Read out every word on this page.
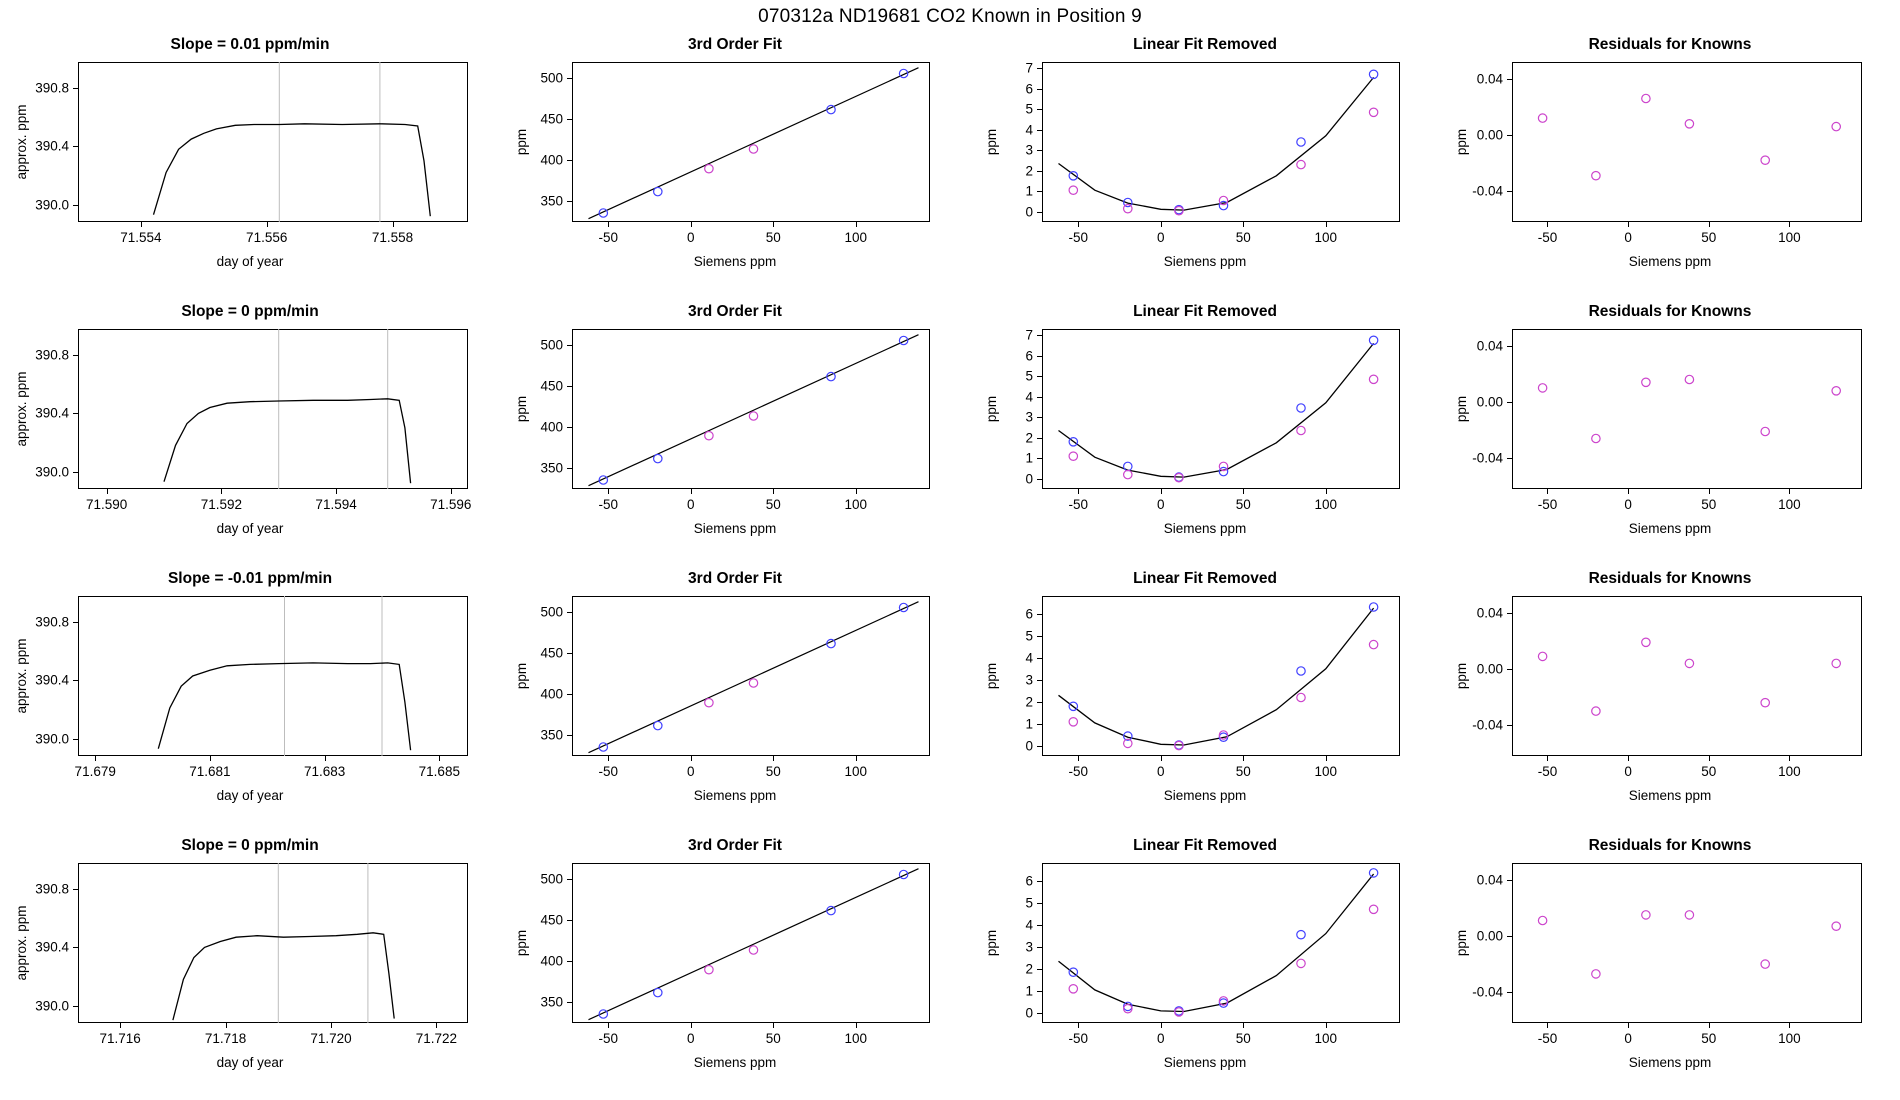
070312a ND19681 CO2 Known in Position 9
Slope = 0.01 ppm/min
71.554	71.556	71.558
390.0
390.4
390.8
day of year
approx. ppm
3rd Order Fit
-50	0	50	100
350
400
450
500
Siemens ppm
ppm
Linear Fit Removed
-50	0	50	100
0
1
2
3
4
5
6
7
Siemens ppm
ppm
Residuals for Knowns
-50	0	50	100
-0.04
0.00
0.04
Siemens ppm
ppm
Slope = 0 ppm/min
71.590	71.592	71.594	71.596
390.0
390.4
390.8
day of year
approx. ppm
3rd Order Fit
-50	0	50	100
350
400
450
500
Siemens ppm
ppm
Linear Fit Removed
-50	0	50	100
0
1
2
3
4
5
6
7
Siemens ppm
ppm
Residuals for Knowns
-50	0	50	100
-0.04
0.00
0.04
Siemens ppm
ppm
Slope = -0.01 ppm/min
71.679	71.681	71.683	71.685
390.0
390.4
390.8
day of year
approx. ppm
3rd Order Fit
-50	0	50	100
350
400
450
500
Siemens ppm
ppm
Linear Fit Removed
-50	0	50	100
0
1
2
3
4
5
6
Siemens ppm
ppm
Residuals for Knowns
-50	0	50	100
-0.04
0.00
0.04
Siemens ppm
ppm
Slope = 0 ppm/min
71.716	71.718	71.720	71.722
390.0
390.4
390.8
day of year
approx. ppm
3rd Order Fit
-50	0	50	100
350
400
450
500
Siemens ppm
ppm
Linear Fit Removed
-50	0	50	100
0
1
2
3
4
5
6
Siemens ppm
ppm
Residuals for Knowns
-50	0	50	100
-0.04
0.00
0.04
Siemens ppm
ppm
